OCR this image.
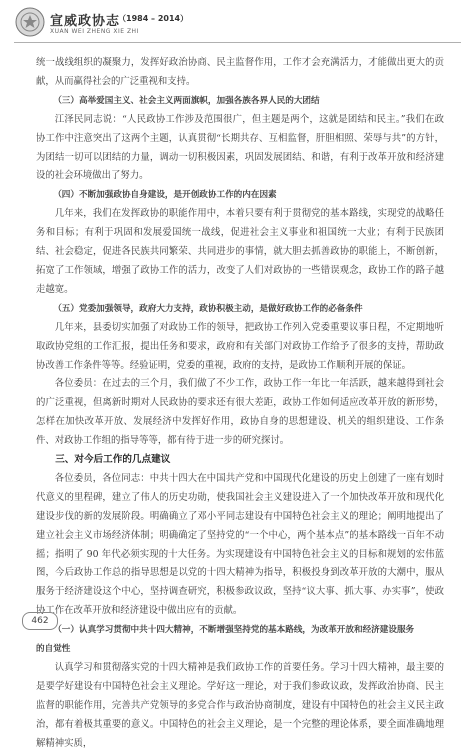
宣威政协志
（1984 – 2014）
XUAN WEI ZHENG XIE ZHI

统一战线组织的凝聚力，发挥好政治协商、民主监督作用，工作才会充满活力，才能做出更大的贡献，从而赢得社会的广泛重视和支持。

（三）高举爱国主义、社会主义两面旗帜，加强各族各界人民的大团结

江泽民同志说：“人民政协工作涉及范围很广，但主题是两个，这就是团结和民主。”我们在政协工作中注意突出了这两个主题，认真贯彻“长期共存、互相监督，肝胆相照、荣辱与共”的方针，为团结一切可以团结的力量，调动一切积极因素，巩固发展团结、和谐，有利于改革开放和经济建设的社会环境做出了努力。

（四）不断加强政协自身建设，是开创政协工作的内在因素

几年来，我们在发挥政协的职能作用中，本着只要有利于贯彻党的基本路线，实现党的战略任务和目标；有利于巩固和发展爱国统一战线，促进社会主义事业和祖国统一大业；有利于民族团结、社会稳定，促进各民族共同繁荣、共同进步的事情，就大胆去抓善政协的职能上，不断创新，拓宽了工作领域，增强了政协工作的活力，改变了人们对政协的一些错误观念，政协工作的路子越走越宽。

（五）党委加强领导，政府大力支持，政协积极主动，是做好政协工作的必备条件

几年来，县委切实加强了对政协工作的领导，把政协工作列入党委重要议事日程，不定期地听取政协党组的工作汇报，提出任务和要求，政府和有关部门对政协工作给予了很多的支持，帮助政协改善工作条件等等。经验证明，党委的重视，政府的支持，是政协工作顺利开展的保证。

各位委员：在过去的三个月，我们做了不少工作，政协工作一年比一年活跃，越来越得到社会的广泛重视，但离新时期对人民政协的要求还有很大差距，政协工作如何适应改革开放的新形势，怎样在加快改革开放、发展经济中发挥好作用，政协自身的思想建设、机关的组织建设、工作条件、对政协工作组的指导等等，都有待于进一步的研究探讨。

三、对今后工作的几点建议

各位委员，各位同志：中共十四大在中国共产党和中国现代化建设的历史上创建了一座有划时代意义的里程碑，建立了伟人的历史功勋，使我国社会主义建设进入了一个加快改革开放和现代化建设步伐的新的发展阶段。明确确立了邓小平同志建设有中国特色社会主义的理论；阐明地提出了建立社会主义市场经济体制；明确确定了坚持党的“一个中心，两个基本点”的基本路线一百年不动摇；指明了 90 年代必须实现的十大任务。为实现建设有中国特色社会主义的目标和规划的宏伟蓝图，今后政协工作总的指导思想是以党的十四大精神为指导，积极投身到改革开放的大潮中，服从服务于经济建设这个中心，坚持调查研究，积极参政议政，坚持“议大事、抓大事、办实事”，使政协工作在改革开放和经济建设中做出应有的贡献。

（一）认真学习贯彻中共十四大精神，不断增强坚持党的基本路线，为改革开放和经济建设服务

的自觉性

认真学习和贯彻落实党的十四大精神是我们政协工作的首要任务。学习十四大精神，最主要的是要学好建设有中国特色社会主义理论。学好这一理论，对于我们参政议政，发挥政治协商、民主监督的职能作用，完善共产党领导的多党合作与政治协商制度，建设有中国特色的社会主义民主政治，都有着极其重要的意义。中国特色的社会主义理论，是一个完整的理论体系，要全面准确地理解精神实质，

462
